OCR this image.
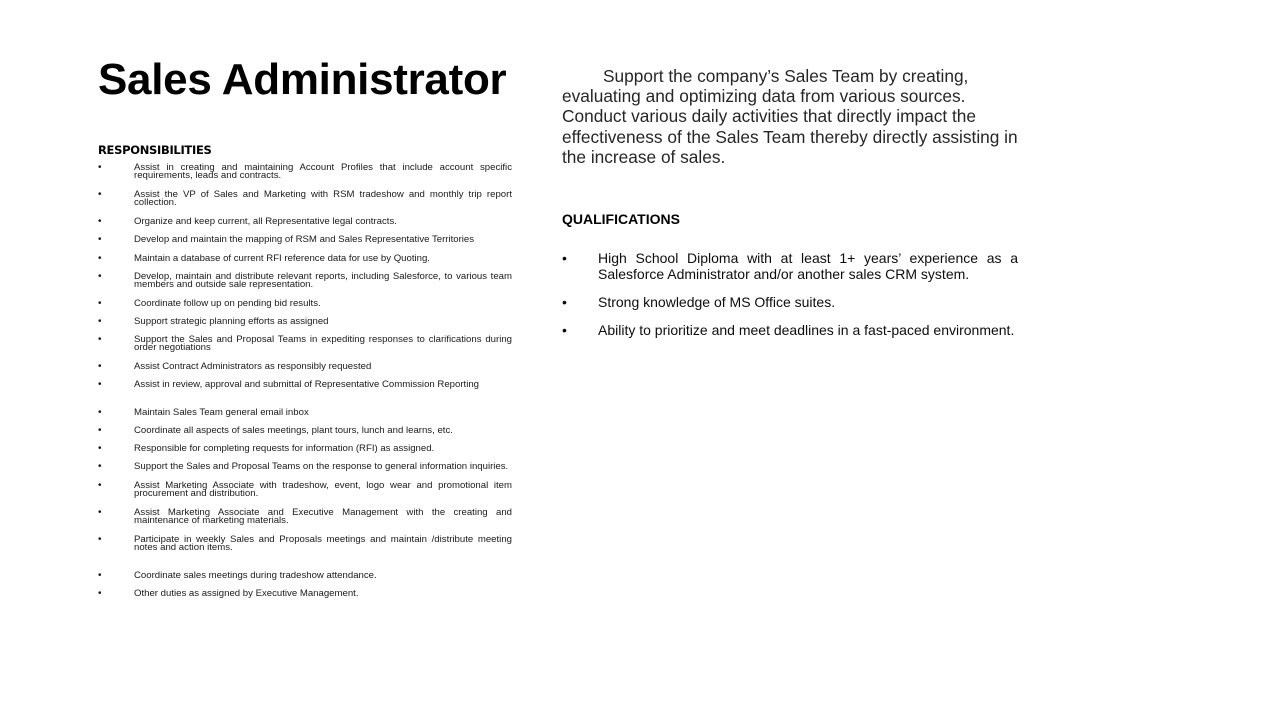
Sales Administrator
RESPONSIBILITIES
•	Assist in creating and maintaining Account Profiles that include account specific requirements, leads and contracts.
•	Assist the VP of Sales and Marketing with RSM tradeshow and monthly trip report collection.
•	Organize and keep current, all Representative legal contracts.
•	Develop and maintain the mapping of RSM and Sales Representative Territories
•	Maintain a database of current RFI reference data for use by Quoting.
•	Develop, maintain and distribute relevant reports, including Salesforce, to various team members and outside sale representation.
•	Coordinate follow up on pending bid results.
•	Support strategic planning efforts as assigned
•	Support the Sales and Proposal Teams in expediting responses to clarifications during order negotiations
•	Assist Contract Administrators as responsibly requested
•	Assist in review, approval and submittal of Representative Commission Reporting
•	Maintain Sales Team general email inbox
•	Coordinate all aspects of sales meetings, plant tours, lunch and learns, etc.
•	Responsible for completing requests for information (RFI) as assigned.
•	Support the Sales and Proposal Teams on the response to general information inquiries.
•	Assist Marketing Associate with tradeshow, event, logo wear and promotional item procurement and distribution.
•	Assist Marketing Associate and Executive Management with the creating and maintenance of marketing materials.
•	Participate in weekly Sales and Proposals meetings and maintain /distribute meeting notes and action items.
•	Coordinate sales meetings during tradeshow attendance.
•	Other duties as assigned by Executive Management.
Support the company’s Sales Team by creating, evaluating and optimizing data from various sources. Conduct various daily activities that directly impact the effectiveness of the Sales Team thereby directly assisting in the increase of sales.
QUALIFICATIONS
• High School Diploma with at least 1+ years’ experience as a Salesforce Administrator and/or another sales CRM system.
• Strong knowledge of MS Office suites.
• Ability to prioritize and meet deadlines in a fast-paced environment.
